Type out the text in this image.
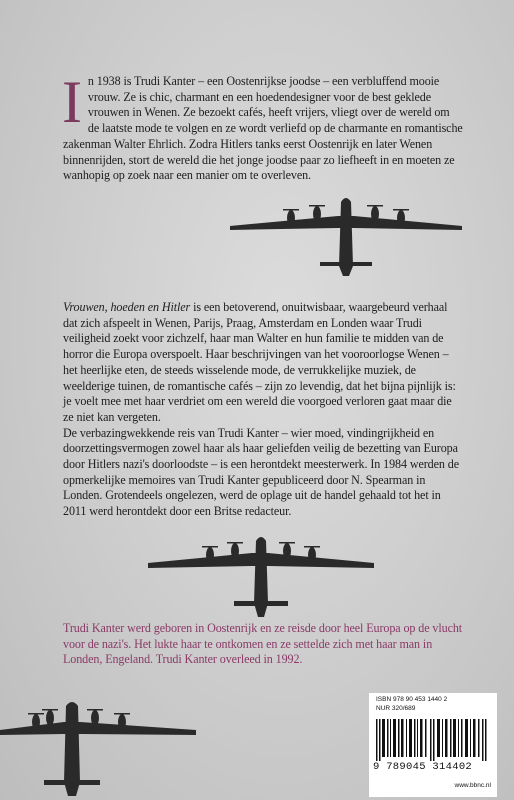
I n 1938 is Trudi Kanter – een Oostenrijkse joodse – een verbluffend mooie vrouw. Ze is chic, charmant en een hoedendesigner voor de best geklede vrouwen in Wenen. Ze bezoekt cafés, heeft vrijers, vliegt over de wereld om de laatste mode te volgen en ze wordt verliefd op de charmante en romantische zakenman Walter Ehrlich. Zodra Hitlers tanks eerst Oostenrijk en later Wenen binnenrijden, stort de wereld die het jonge joodse paar zo liefheeft in en moeten ze wanhopig op zoek naar een manier om te overleven.

Vrouwen, hoeden en Hitler is een betoverend, onuitwisbaar, waargebeurd verhaal dat zich afspeelt in Wenen, Parijs, Praag, Amsterdam en Londen waar Trudi veiligheid zoekt voor zichzelf, haar man Walter en hun familie te midden van de horror die Europa overspoelt. Haar beschrijvingen van het vooroorlogse Wenen – het heerlijke eten, de steeds wisselende mode, de verrukkelijke muziek, de weelderige tuinen, de romantische cafés – zijn zo levendig, dat het bijna pijnlijk is: je voelt mee met haar verdriet om een wereld die voorgoed verloren gaat maar die ze niet kan vergeten.

De verbazingwekkende reis van Trudi Kanter – wier moed, vindingrijkheid en doorzettingsvermogen zowel haar als haar geliefden veilig de bezetting van Europa door Hitlers nazi's doorloodste – is een herontdekt meesterwerk. In 1984 werden de opmerkelijke memoires van Trudi Kanter gepubliceerd door N. Spearman in Londen. Grotendeels ongelezen, werd de oplage uit de handel gehaald tot het in 2011 werd herontdekt door een Britse redacteur.

Trudi Kanter werd geboren in Oostenrijk en ze reisde door heel Europa op de vlucht voor de nazi's. Het lukte haar te ontkomen en ze settelde zich met haar man in Londen, Engeland. Trudi Kanter overleed in 1992.
ISBN 978 90 453 1440 2
NUR 320/689
9 789045 314402
www.bbnc.nl
